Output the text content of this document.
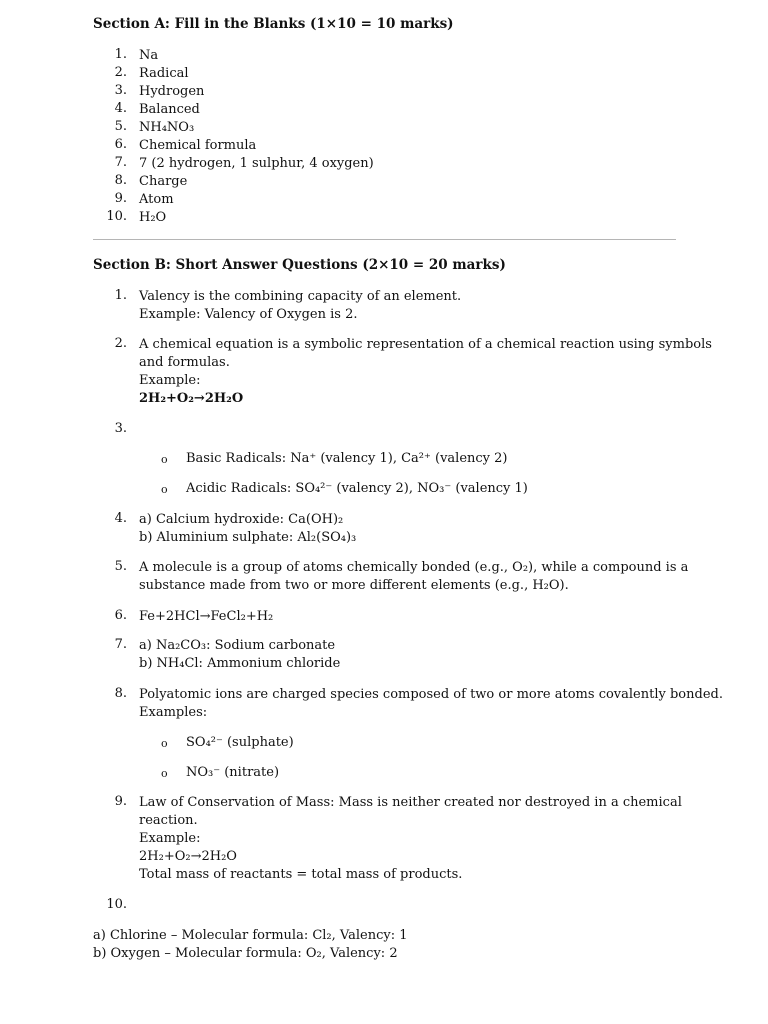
Section A: Fill in the Blanks (1×10 = 10 marks)
1. Na
2. Radical
3. Hydrogen
4. Balanced
5. NH₄NO₃
6. Chemical formula
7. 7 (2 hydrogen, 1 sulphur, 4 oxygen)
8. Charge
9. Atom
10. H₂O
Section B: Short Answer Questions (2×10 = 20 marks)
1. Valency is the combining capacity of an element.
Example: Valency of Oxygen is 2.
2. A chemical equation is a symbolic representation of a chemical reaction using symbols
and formulas.
Example:
2H₂+O₂→2H₂O
3.
o Basic Radicals: Na⁺ (valency 1), Ca²⁺ (valency 2)
o Acidic Radicals: SO₄²⁻ (valency 2), NO₃⁻ (valency 1)
4. a) Calcium hydroxide: Ca(OH)₂
b) Aluminium sulphate: Al₂(SO₄)₃
5. A molecule is a group of atoms chemically bonded (e.g., O₂), while a compound is a
substance made from two or more different elements (e.g., H₂O).
6. Fe+2HCl→FeCl₂+H₂
7. a) Na₂CO₃: Sodium carbonate
b) NH₄Cl: Ammonium chloride
8. Polyatomic ions are charged species composed of two or more atoms covalently bonded.
Examples:
o SO₄²⁻ (sulphate)
o NO₃⁻ (nitrate)
9. Law of Conservation of Mass: Mass is neither created nor destroyed in a chemical
reaction.
Example:
2H₂+O₂→2H₂O
Total mass of reactants = total mass of products.
10.
a) Chlorine – Molecular formula: Cl₂, Valency: 1
b) Oxygen – Molecular formula: O₂, Valency: 2
